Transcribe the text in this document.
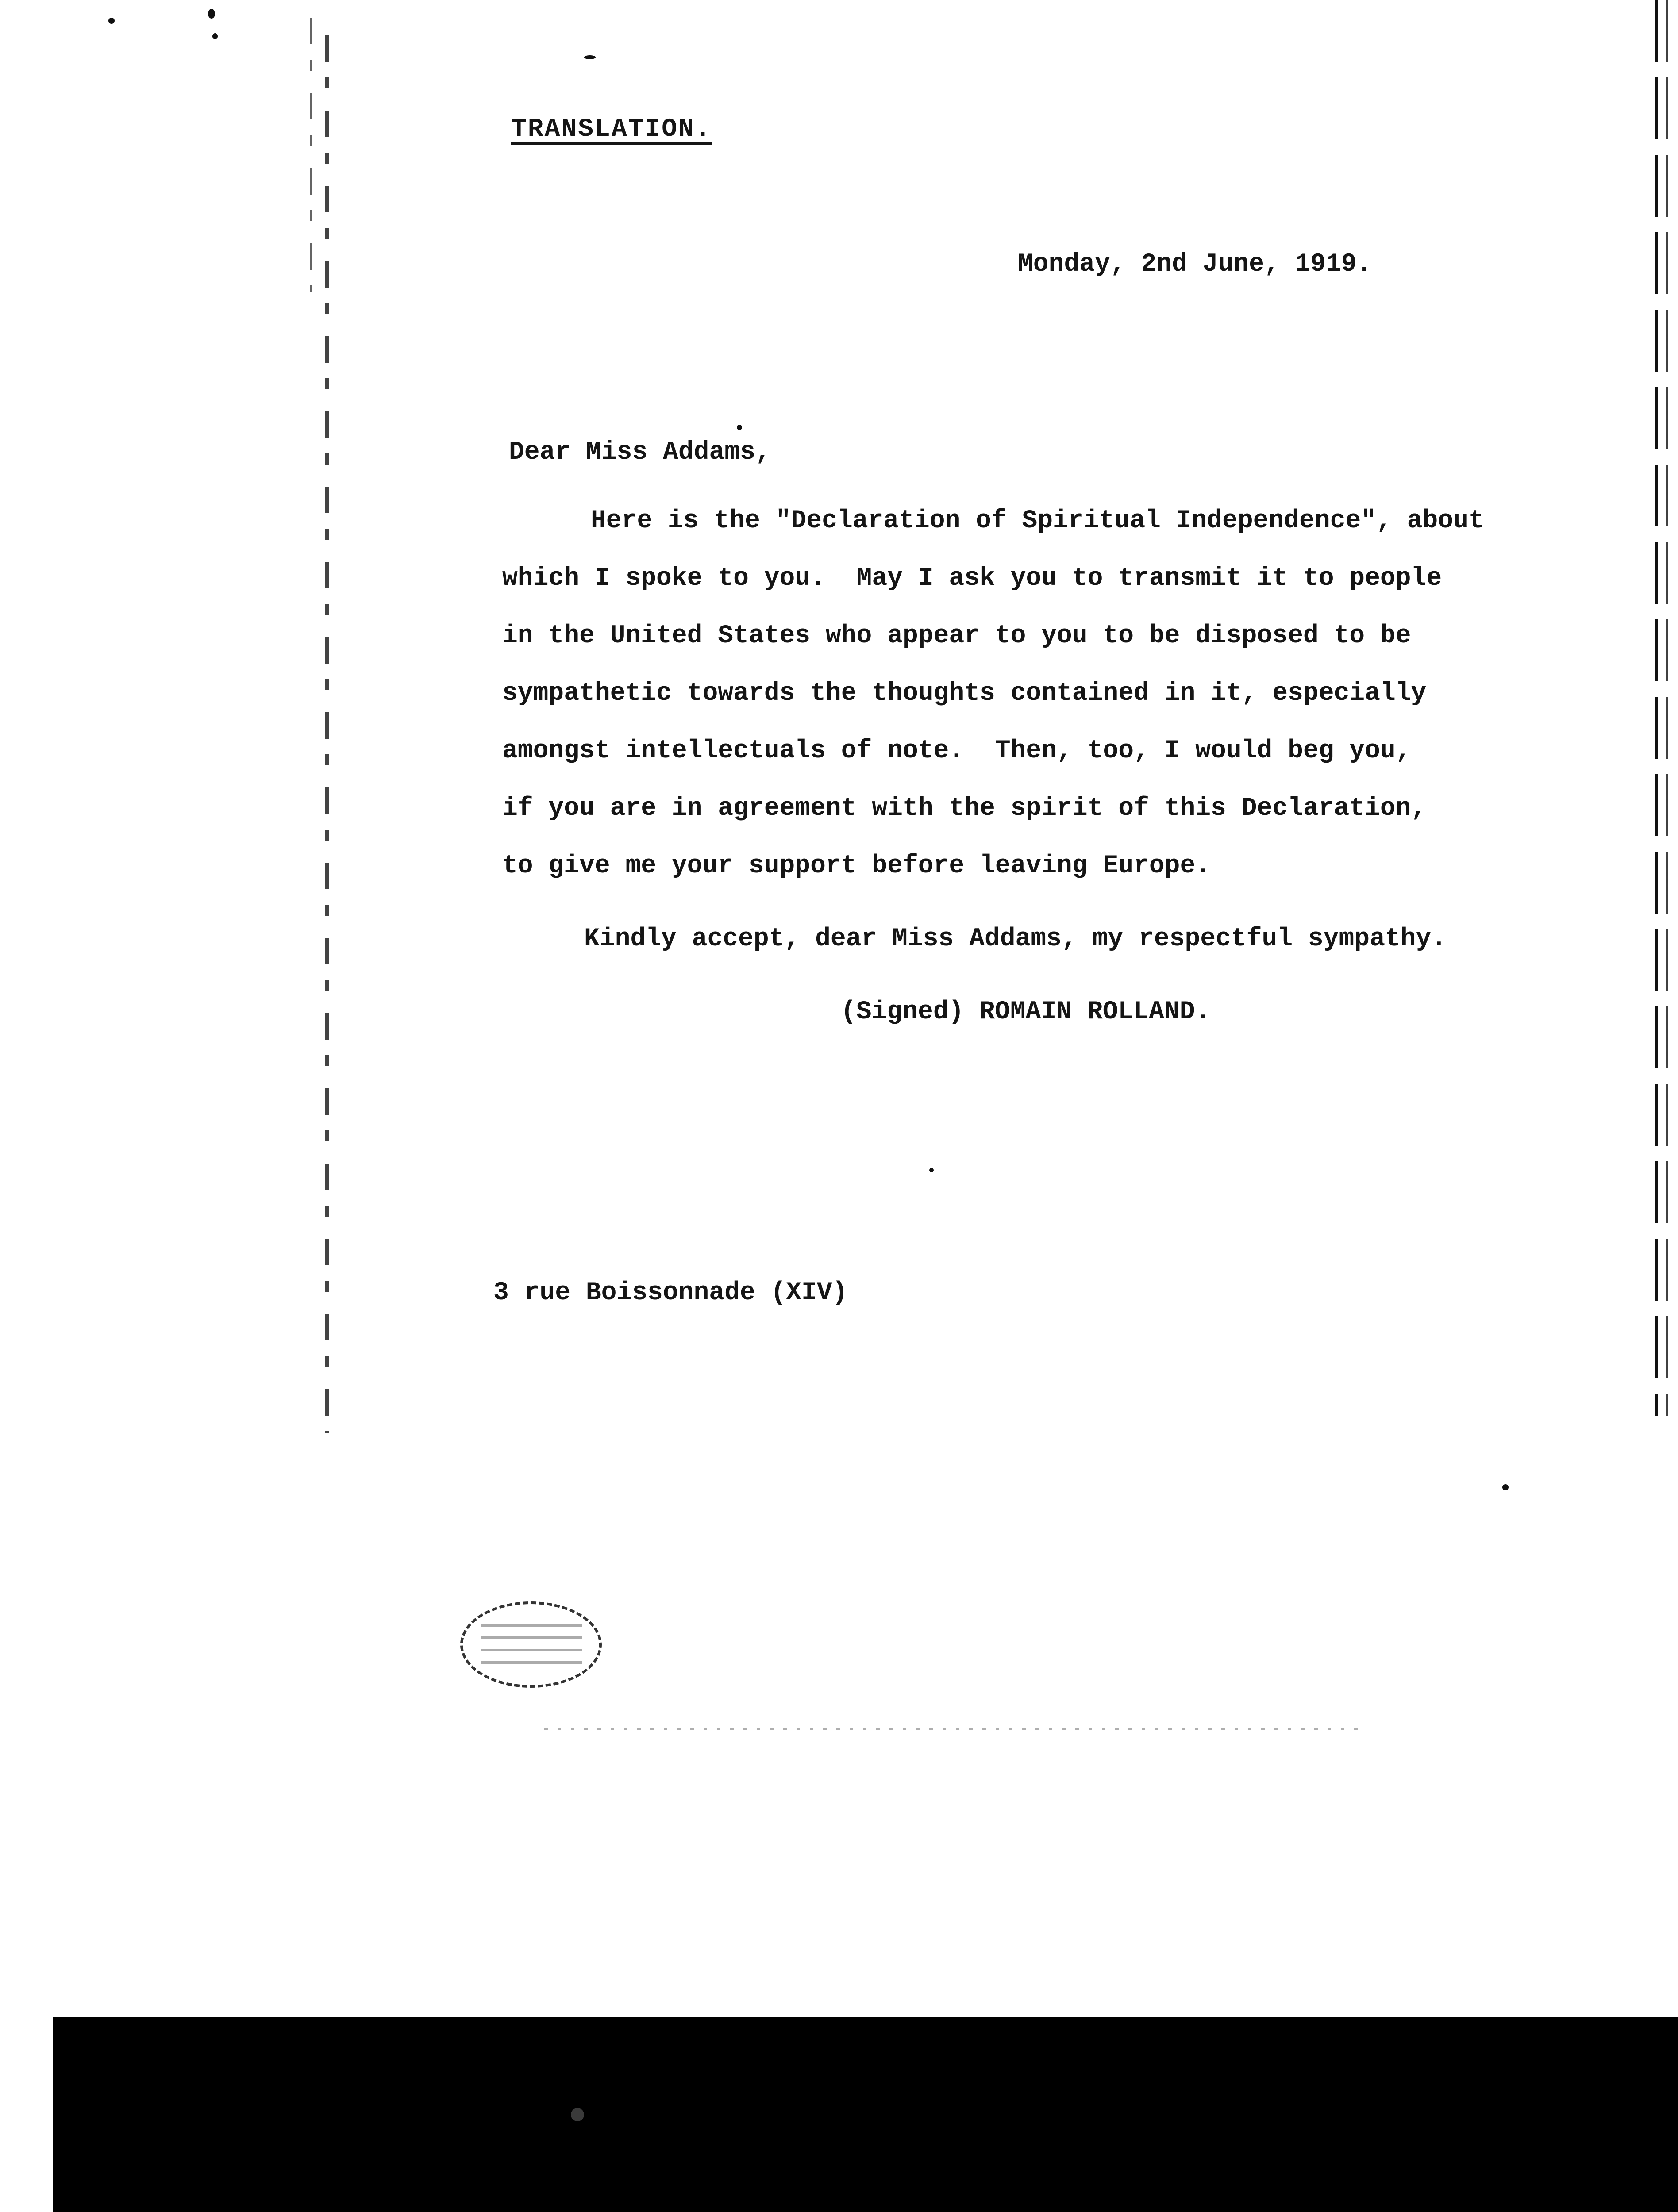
TRANSLATION.
Monday, 2nd June, 1919.
Dear Miss Addams,
Here is the "Declaration of Spiritual Independence", about
which I spoke to you.  May I ask you to transmit it to people
in the United States who appear to you to be disposed to be
sympathetic towards the thoughts contained in it, especially
amongst intellectuals of note.  Then, too, I would beg you,
if you are in agreement with the spirit of this Declaration,
to give me your support before leaving Europe.
Kindly accept, dear Miss Addams, my respectful sympathy.
(Signed) ROMAIN ROLLAND.
3 rue Boissonnade (XIV)
